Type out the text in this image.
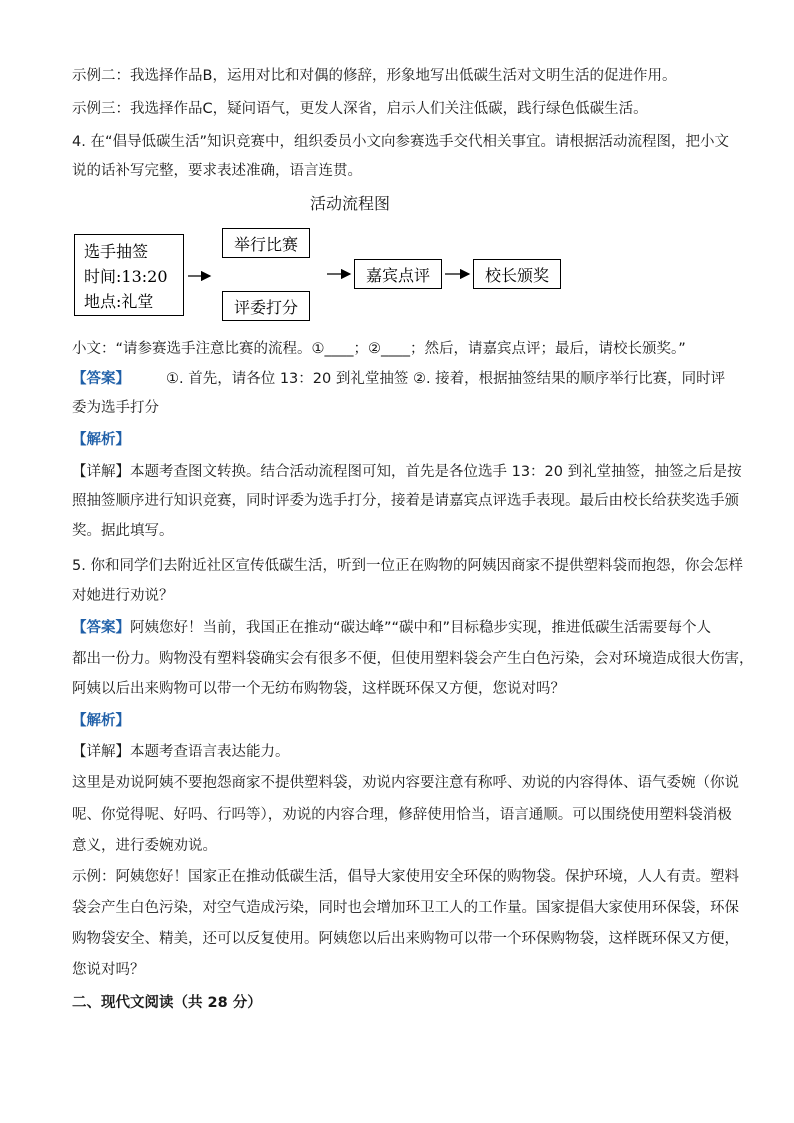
示例二：我选择作品B，运用对比和对偶的修辞，形象地写出低碳生活对文明生活的促进作用。
示例三：我选择作品C，疑问语气，更发人深省，启示人们关注低碳，践行绿色低碳生活。
4. 在“倡导低碳生活”知识竞赛中，组织委员小文向参赛选手交代相关事宜。请根据活动流程图，把小文
说的话补写完整，要求表述准确，语言连贯。
活动流程图
选手抽签
时间:13:20
地点:礼堂
举行比赛
评委打分
嘉宾点评	校长颁奖
小文：“请参赛选手注意比赛的流程。①____；②____；然后，请嘉宾点评；最后，请校长颁奖。”
【答案】 ①. 首先，请各位 13：20 到礼堂抽签 ②. 接着，根据抽签结果的顺序举行比赛，同时评
委为选手打分
【解析】
【详解】本题考查图文转换。结合活动流程图可知，首先是各位选手 13：20 到礼堂抽签，抽签之后是按
照抽签顺序进行知识竞赛，同时评委为选手打分，接着是请嘉宾点评选手表现。最后由校长给获奖选手颁
奖。据此填写。
5. 你和同学们去附近社区宣传低碳生活，听到一位正在购物的阿姨因商家不提供塑料袋而抱怨，你会怎样
对她进行劝说？
【答案】阿姨您好！当前，我国正在推动“碳达峰”“碳中和”目标稳步实现，推进低碳生活需要每个人
都出一份力。购物没有塑料袋确实会有很多不便，但使用塑料袋会产生白色污染，会对环境造成很大伤害，
阿姨以后出来购物可以带一个无纺布购物袋，这样既环保又方便，您说对吗？
【解析】
【详解】本题考查语言表达能力。
这里是劝说阿姨不要抱怨商家不提供塑料袋，劝说内容要注意有称呼、劝说的内容得体、语气委婉（你说
呢、你觉得呢、好吗、行吗等），劝说的内容合理，修辞使用恰当，语言通顺。可以围绕使用塑料袋消极
意义，进行委婉劝说。
示例：阿姨您好！国家正在推动低碳生活，倡导大家使用安全环保的购物袋。保护环境，人人有责。塑料
袋会产生白色污染，对空气造成污染，同时也会增加环卫工人的工作量。国家提倡大家使用环保袋，环保
购物袋安全、精美，还可以反复使用。阿姨您以后出来购物可以带一个环保购物袋，这样既环保又方便，
您说对吗？
二、现代文阅读（共 28 分）
